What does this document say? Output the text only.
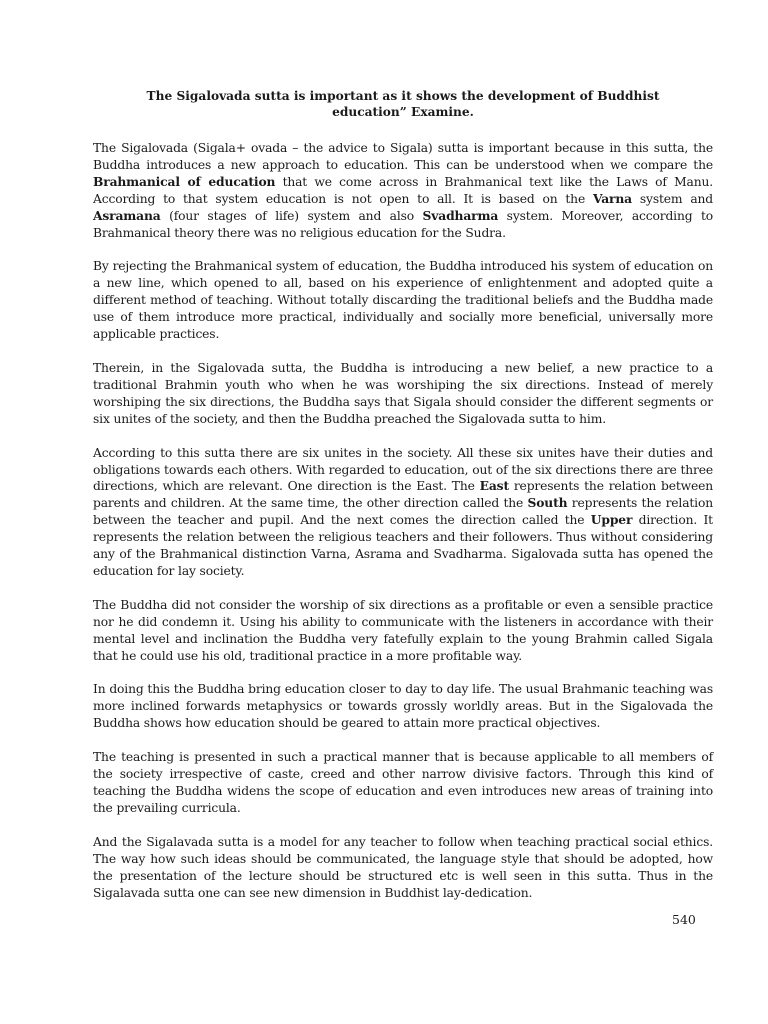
The Sigalovada sutta is important as it shows the development of Buddhist education” Examine.

The Sigalovada (Sigala+ ovada – the advice to Sigala) sutta is important because in this sutta, the Buddha introduces a new approach to education. This can be understood when we compare the Brahmanical of education that we come across in Brahmanical text like the Laws of Manu. According to that system education is not open to all. It is based on the Varna system and Asramana (four stages of life) system and also Svadharma system. Moreover, according to Brahmanical theory there was no religious education for the Sudra.

By rejecting the Brahmanical system of education, the Buddha introduced his system of education on a new line, which opened to all, based on his experience of enlightenment and adopted quite a different method of teaching. Without totally discarding the traditional beliefs and the Buddha made use of them introduce more practical, individually and socially more beneficial, universally more applicable practices.

Therein, in the Sigalovada sutta, the Buddha is introducing a new belief, a new practice to a traditional Brahmin youth who when he was worshiping the six directions. Instead of merely worshiping the six directions, the Buddha says that Sigala should consider the different segments or six unites of the society, and then the Buddha preached the Sigalovada sutta to him.

According to this sutta there are six unites in the society. All these six unites have their duties and obligations towards each others. With regarded to education, out of the six directions there are three directions, which are relevant. One direction is the East. The East represents the relation between parents and children. At the same time, the other direction called the South represents the relation between the teacher and pupil. And the next comes the direction called the Upper direction. It represents the relation between the religious teachers and their followers. Thus without considering any of the Brahmanical distinction Varna, Asrama and Svadharma. Sigalovada sutta has opened the education for lay society.

The Buddha did not consider the worship of six directions as a profitable or even a sensible practice nor he did condemn it. Using his ability to communicate with the listeners in accordance with their mental level and inclination the Buddha very fatefully explain to the young Brahmin called Sigala that he could use his old, traditional practice in a more profitable way.

In doing this the Buddha bring education closer to day to day life. The usual Brahmanic teaching was more inclined forwards metaphysics or towards grossly worldly areas. But in the Sigalovada the Buddha shows how education should be geared to attain more practical objectives.

The teaching is presented in such a practical manner that is because applicable to all members of the society irrespective of caste, creed and other narrow divisive factors. Through this kind of teaching the Buddha widens the scope of education and even introduces new areas of training into the prevailing curricula.

And the Sigalavada sutta is a model for any teacher to follow when teaching practical social ethics. The way how such ideas should be communicated, the language style that should be adopted, how the presentation of the lecture should be structured etc is well seen in this sutta. Thus in the Sigalavada sutta one can see new dimension in Buddhist lay-dedication.

540
